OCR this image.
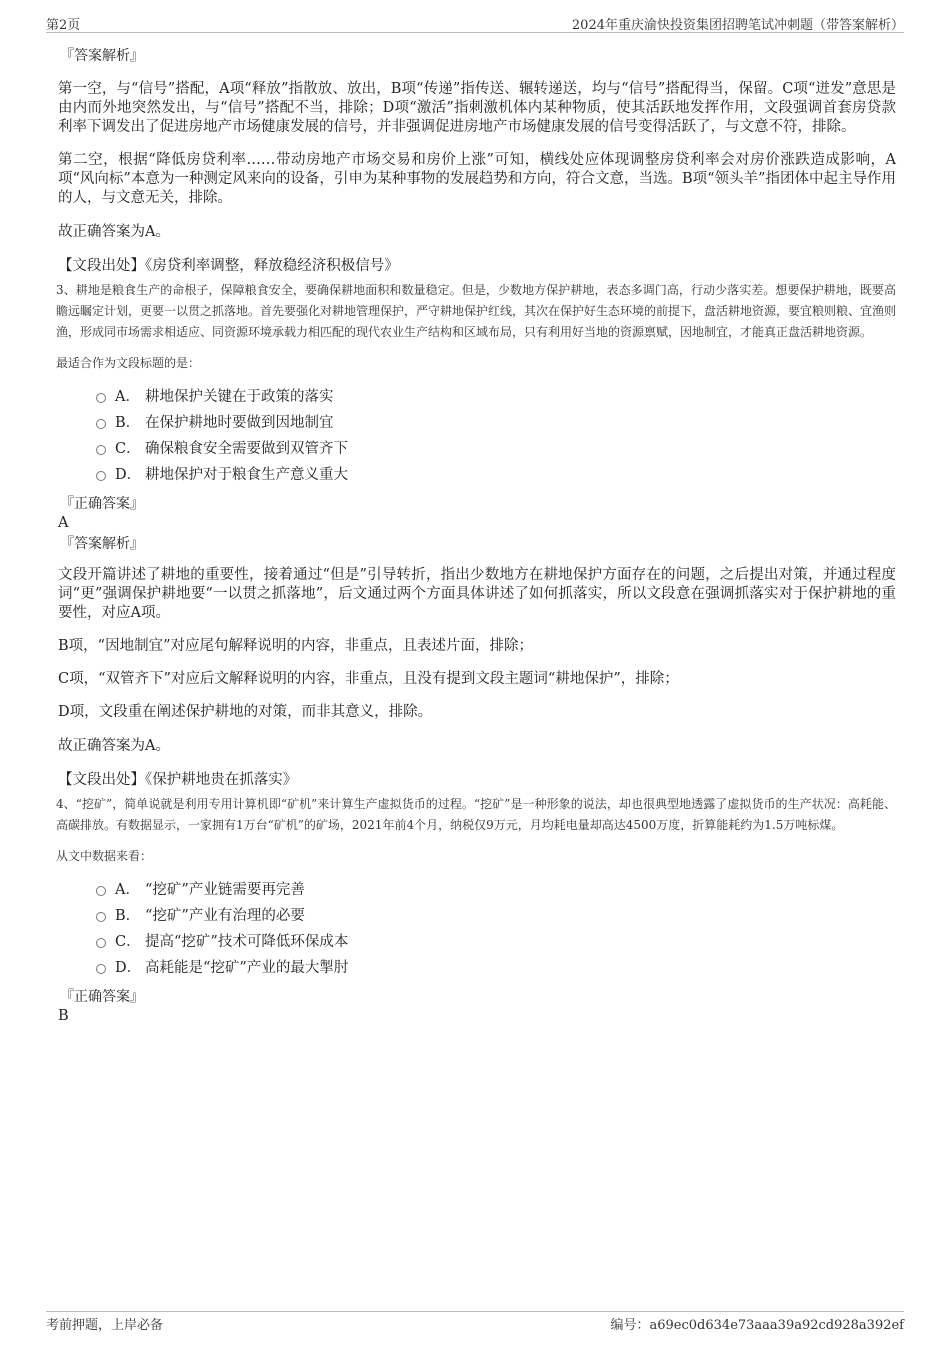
第2页	2024年重庆渝快投资集团招聘笔试冲刺题（带答案解析）
『答案解析』
第一空，与“信号”搭配，A项“释放”指散放、放出，B项“传递”指传送、辗转递送，均与“信号”搭配得当，保留。C项“迸发”意思是由内而外地突然发出，与“信号”搭配不当，排除；D项“激活”指刺激机体内某种物质，使其活跃地发挥作用，文段强调首套房贷款利率下调发出了促进房地产市场健康发展的信号，并非强调促进房地产市场健康发展的信号变得活跃了，与文意不符，排除。
第二空，根据“降低房贷利率……带动房地产市场交易和房价上涨”可知，横线处应体现调整房贷利率会对房价涨跌造成影响，A项“风向标”本意为一种测定风来向的设备，引申为某种事物的发展趋势和方向，符合文意，当选。B项“领头羊”指团体中起主导作用的人，与文意无关，排除。
故正确答案为A。
【文段出处】《房贷利率调整，释放稳经济积极信号》
3、耕地是粮食生产的命根子，保障粮食安全，要确保耕地面积和数量稳定。但是，少数地方保护耕地，表态多调门高，行动少落实差。想要保护耕地，既要高瞻远瞩定计划，更要一以贯之抓落地。首先要强化对耕地管理保护，严守耕地保护红线，其次在保护好生态环境的前提下，盘活耕地资源，要宜粮则粮、宜渔则渔，形成同市场需求相适应、同资源环境承载力相匹配的现代农业生产结构和区域布局，只有利用好当地的资源禀赋，因地制宜，才能真正盘活耕地资源。
最适合作为文段标题的是：
A． 耕地保护关键在于政策的落实
B． 在保护耕地时要做到因地制宜
C． 确保粮食安全需要做到双管齐下
D． 耕地保护对于粮食生产意义重大
『正确答案』
A
『答案解析』
文段开篇讲述了耕地的重要性，接着通过“但是”引导转折，指出少数地方在耕地保护方面存在的问题，之后提出对策，并通过程度词“更”强调保护耕地要“一以贯之抓落地”，后文通过两个方面具体讲述了如何抓落实，所以文段意在强调抓落实对于保护耕地的重要性，对应A项。
B项，“因地制宜”对应尾句解释说明的内容，非重点，且表述片面，排除；
C项，“双管齐下”对应后文解释说明的内容，非重点，且没有提到文段主题词“耕地保护”，排除；
D项，文段重在阐述保护耕地的对策，而非其意义，排除。
故正确答案为A。
【文段出处】《保护耕地贵在抓落实》
4、“挖矿”，简单说就是利用专用计算机即“矿机”来计算生产虚拟货币的过程。“挖矿”是一种形象的说法，却也很典型地透露了虚拟货币的生产状况：高耗能、高碳排放。有数据显示，一家拥有1万台“矿机”的矿场，2021年前4个月，纳税仅9万元，月均耗电量却高达4500万度，折算能耗约为1.5万吨标煤。
从文中数据来看：
A． “挖矿”产业链需要再完善
B． “挖矿”产业有治理的必要
C． 提高“挖矿”技术可降低环保成本
D． 高耗能是“挖矿”产业的最大掣肘
『正确答案』
B
考前押题，上岸必备	编号：a69ec0d634e73aaa39a92cd928a392ef
